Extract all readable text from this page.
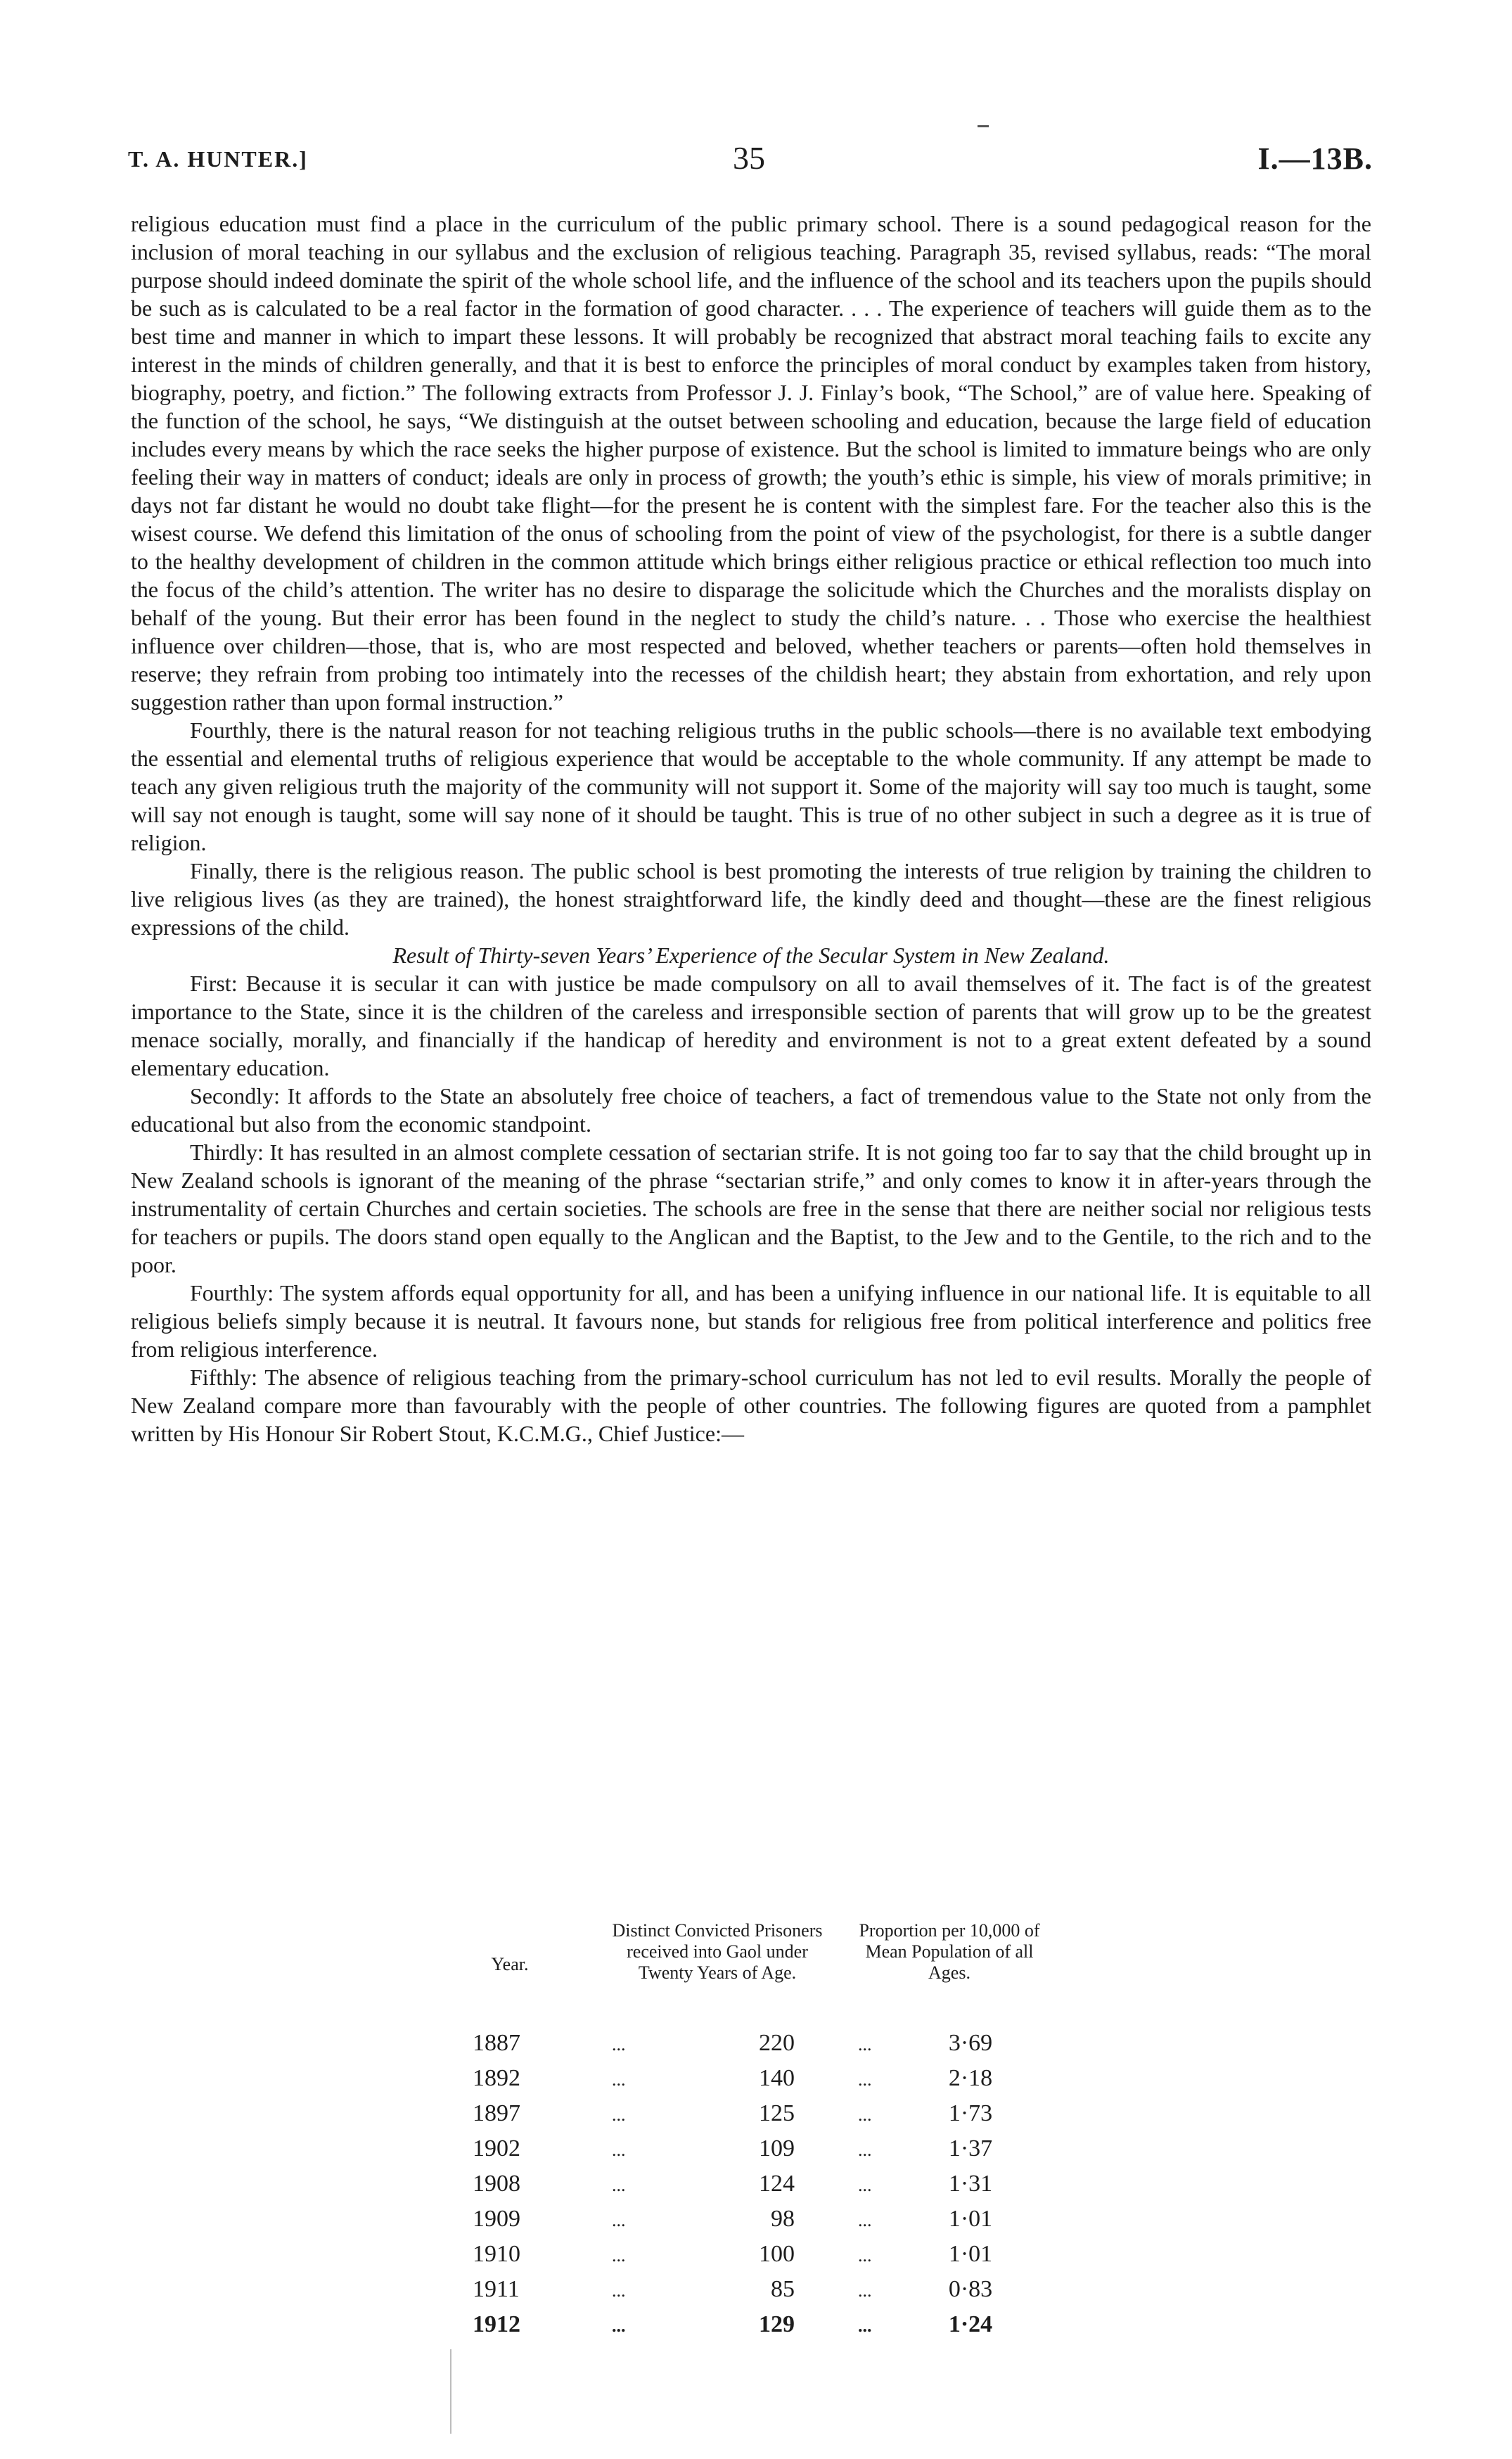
T. A. HUNTER.]	35	I.—13B.

religious education must find a place in the curriculum of the public primary school. There is a sound pedagogical reason for the inclusion of moral teaching in our syllabus and the exclusion of religious teaching. Paragraph 35, revised syllabus, reads: “The moral purpose should indeed dominate the spirit of the whole school life, and the influence of the school and its teachers upon the pupils should be such as is calculated to be a real factor in the formation of good character. . . . The experience of teachers will guide them as to the best time and manner in which to impart these lessons. It will probably be recognized that abstract moral teaching fails to excite any interest in the minds of children generally, and that it is best to enforce the principles of moral conduct by examples taken from history, biography, poetry, and fiction.” The following extracts from Professor J. J. Finlay’s book, “The School,” are of value here. Speaking of the function of the school, he says, “We distinguish at the outset between schooling and education, because the large field of education includes every means by which the race seeks the higher purpose of existence. But the school is limited to immature beings who are only feeling their way in matters of conduct; ideals are only in process of growth; the youth’s ethic is simple, his view of morals primitive; in days not far distant he would no doubt take flight—for the present he is content with the simplest fare. For the teacher also this is the wisest course. We defend this limitation of the onus of schooling from the point of view of the psychologist, for there is a subtle danger to the healthy development of children in the common attitude which brings either religious practice or ethical reflection too much into the focus of the child’s attention. The writer has no desire to disparage the solicitude which the Churches and the moralists display on behalf of the young. But their error has been found in the neglect to study the child’s nature. . . Those who exercise the healthiest influence over children—those, that is, who are most respected and beloved, whether teachers or parents—often hold themselves in reserve; they refrain from probing too intimately into the recesses of the childish heart; they abstain from exhortation, and rely upon suggestion rather than upon formal instruction.”

Fourthly, there is the natural reason for not teaching religious truths in the public schools—there is no available text embodying the essential and elemental truths of religious experience that would be acceptable to the whole community. If any attempt be made to teach any given religious truth the majority of the community will not support it. Some of the majority will say too much is taught, some will say not enough is taught, some will say none of it should be taught. This is true of no other subject in such a degree as it is true of religion.

Finally, there is the religious reason. The public school is best promoting the interests of true religion by training the children to live religious lives (as they are trained), the honest straightforward life, the kindly deed and thought—these are the finest religious expressions of the child.

Result of Thirty-seven Years’ Experience of the Secular System in New Zealand.

First: Because it is secular it can with justice be made compulsory on all to avail themselves of it. The fact is of the greatest importance to the State, since it is the children of the careless and irresponsible section of parents that will grow up to be the greatest menace socially, morally, and financially if the handicap of heredity and environment is not to a great extent defeated by a sound elementary education.

Secondly: It affords to the State an absolutely free choice of teachers, a fact of tremendous value to the State not only from the educational but also from the economic standpoint.

Thirdly: It has resulted in an almost complete cessation of sectarian strife. It is not going too far to say that the child brought up in New Zealand schools is ignorant of the meaning of the phrase “sectarian strife,” and only comes to know it in after-years through the instrumentality of certain Churches and certain societies. The schools are free in the sense that there are neither social nor religious tests for teachers or pupils. The doors stand open equally to the Anglican and the Baptist, to the Jew and to the Gentile, to the rich and to the poor.

Fourthly: The system affords equal opportunity for all, and has been a unifying influence in our national life. It is equitable to all religious beliefs simply because it is neutral. It favours none, but stands for religious free from political interference and politics free from religious interference.

Fifthly: The absence of religious teaching from the primary-school curriculum has not led to evil results. Morally the people of New Zealand compare more than favourably with the people of other countries. The following figures are quoted from a pamphlet written by His Honour Sir Robert Stout, K.C.M.G., Chief Justice:—

Year.
Distinct Convicted Prisoners received into Gaol under Twenty Years of Age.
Proportion per 10,000 of Mean Population of all Ages.
1887	...	220	...	3·69
1892	...	140	...	2·18
1897	...	125	...	1·73
1902	...	109	...	1·37
1908	...	124	...	1·31
1909	...	98	...	1·01
1910	...	100	...	1·01
1911	...	85	...	0·83
1912	...	129	...	1·24
